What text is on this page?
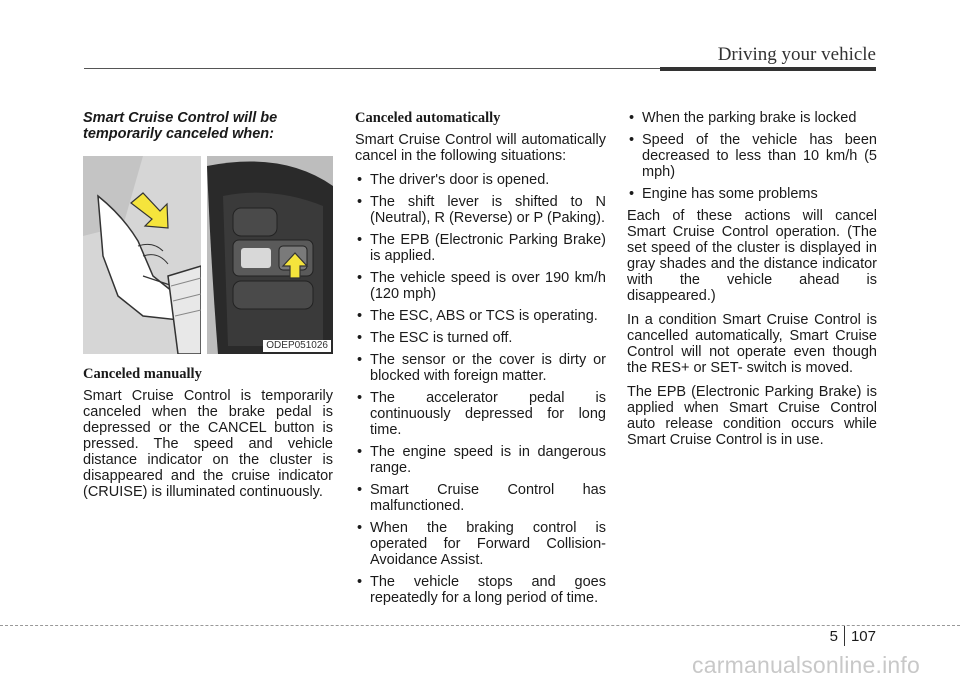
Driving your vehicle
Smart Cruise Control will be temporarily canceled when:
ODEP051026
Canceled manually

Smart Cruise Control is temporarily canceled when the brake pedal is depressed or the CANCEL button is pressed. The speed and vehicle distance indicator on the cluster is disappeared and the cruise indicator (CRUISE) is illuminated continuously.

Canceled automatically

Smart Cruise Control will automatically cancel in the following situations:

• The driver's door is opened.
• The shift lever is shifted to N (Neutral), R (Reverse) or P (Paking).
• The EPB (Electronic Parking Brake) is applied.
• The vehicle speed is over 190 km/h (120 mph)
• The ESC, ABS or TCS is operating.
• The ESC is turned off.
• The sensor or the cover is dirty or blocked with foreign matter.
• The accelerator pedal is continuously depressed for long time.
• The engine speed is in dangerous range.
• Smart Cruise Control has malfunctioned.
• When the braking control is operated for Forward Collision-Avoidance Assist.
• The vehicle stops and goes repeatedly for a long period of time.
• When the parking brake is locked
• Speed of the vehicle has been decreased to less than 10 km/h (5 mph)
• Engine has some problems

Each of these actions will cancel Smart Cruise Control operation. (The set speed of the cluster is displayed in gray shades and the distance indicator with the vehicle ahead is disappeared.)

In a condition Smart Cruise Control is cancelled automatically, Smart Cruise Control will not operate even though the RES+ or SET- switch is moved.

The EPB (Electronic Parking Brake) is applied when Smart Cruise Control auto release condition occurs while Smart Cruise Control is in use.

5 107
carmanualsonline.info
